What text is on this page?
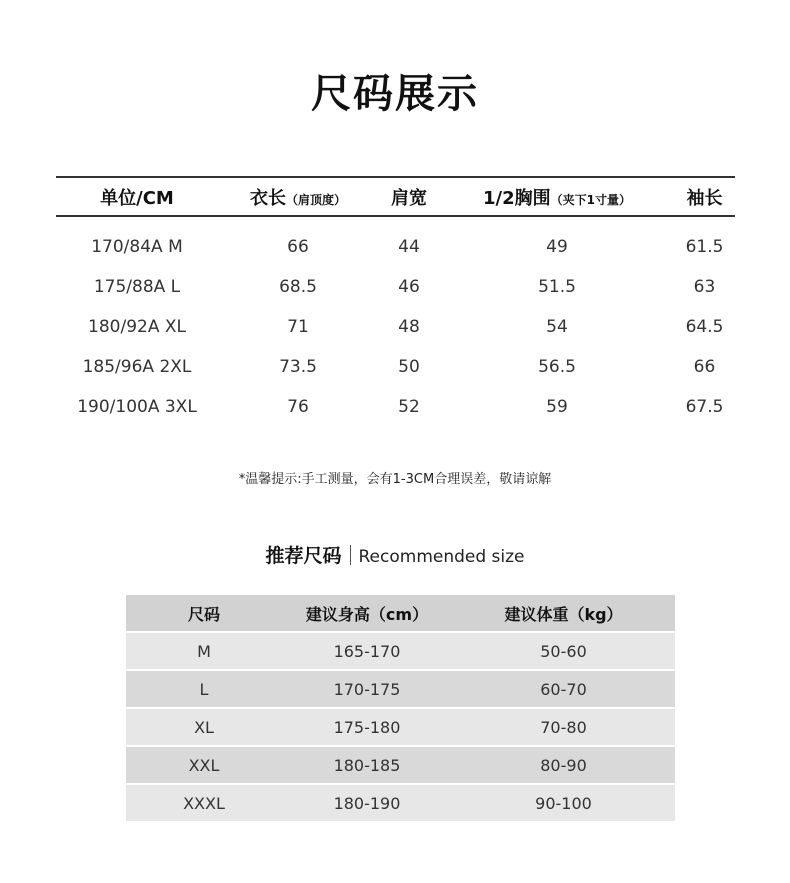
尺码展示
单位/CM	衣长（肩顶度）	肩宽	1/2胸围（夹下1寸量）	袖长
170/84A M	66	44	49	61.5
175/88A L	68.5	46	51.5	63
180/92A XL	71	48	54	64.5
185/96A 2XL	73.5	50	56.5	66
190/100A 3XL	76	52	59	67.5
*温馨提示:手工测量，会有1-3CM合理误差，敬请谅解
推荐尺码 Recommended size
尺码	建议身高（cm）	建议体重（kg）
M	165-170	50-60
L	170-175	60-70
XL	175-180	70-80
XXL	180-185	80-90
XXXL	180-190	90-100
